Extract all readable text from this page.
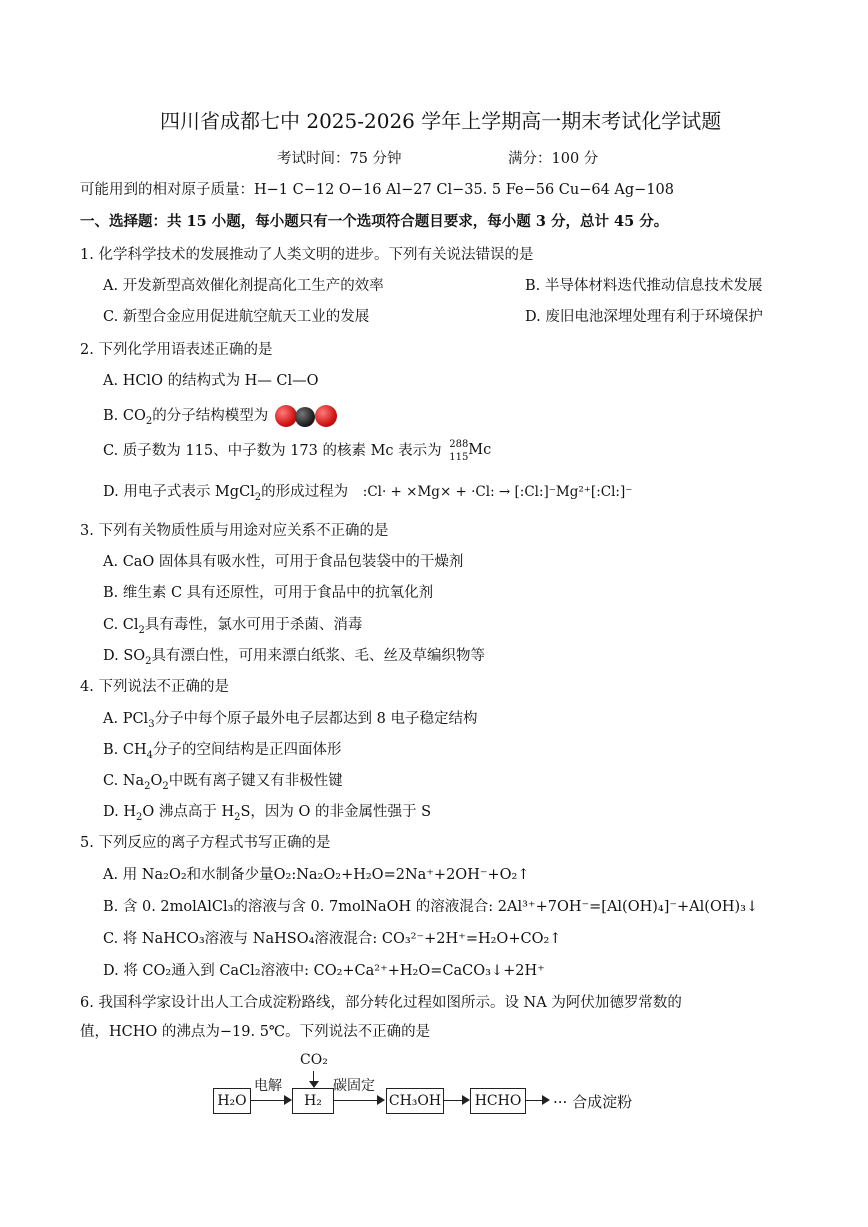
四川省成都七中 2025-2026 学年上学期高一期末考试化学试题
考试时间：75 分钟	满分：100 分
可能用到的相对原子质量：H−1 C−12 O−16 Al−27 Cl−35. 5 Fe−56 Cu−64 Ag−108
一、选择题：共 15 小题，每小题只有一个选项符合题目要求，每小题 3 分，总计 45 分。
1. 化学科学技术的发展推动了人类文明的进步。下列有关说法错误的是
A. 开发新型高效催化剂提高化工生产的效率	B. 半导体材料迭代推动信息技术发展
C. 新型合金应用促进航空航天工业的发展	D. 废旧电池深埋处理有利于环境保护
2. 下列化学用语表述正确的是
A. HClO 的结构式为 H— Cl—O
B. $CO_2$的分子结构模型为
C. 质子数为 115、中子数为 173 的核素 Mc 表示为 288
115 Mc
D. 用电子式表示 MgCl$_2$的形成过程为 :Cl· + ×Mg× + ·Cl: → [:Cl:]⁻Mg²⁺[:Cl:]⁻
3. 下列有关物质性质与用途对应关系不正确的是
A. CaO 固体具有吸水性，可用于食品包装袋中的干燥剂
B. 维生素 C 具有还原性，可用于食品中的抗氧化剂
C. $Cl_2$具有毒性，氯水可用于杀菌、消毒
D. $SO_2$具有漂白性，可用来漂白纸浆、毛、丝及草编织物等
4. 下列说法不正确的是
A. PCl$_3$分子中每个原子最外电子层都达到 8 电子稳定结构
B. $CH_4$分子的空间结构是正四面体形
C. $Na_2O_2$中既有离子键又有非极性键
D. $H_2O$ 沸点高于 $H_2S$，因为 O 的非金属性强于 S
5. 下列反应的离子方程式书写正确的是
A. 用 Na₂O₂和水制备少量O₂:Na₂O₂+H₂O=2Na⁺+2OH⁻+O₂↑
B. 含 0. 2molAlCl₃的溶液与含 0. 7molNaOH 的溶液混合: 2Al³⁺+7OH⁻=[Al(OH)₄]⁻+Al(OH)₃↓
C. 将 NaHCO₃溶液与 NaHSO₄溶液混合: CO₃²⁻+2H⁺=H₂O+CO₂↑
D. 将 CO₂通入到 CaCl₂溶液中: CO₂+Ca²⁺+H₂O=CaCO₃↓+2H⁺
6. 我国科学家设计出人工合成淀粉路线，部分转化过程如图所示。设 NA 为阿伏加德罗常数的
值，HCHO 的沸点为−19. 5℃。下列说法不正确的是
H₂O
电解
CO₂
H₂
碳固定
CH₃OH	HCHO	··· 合成淀粉
